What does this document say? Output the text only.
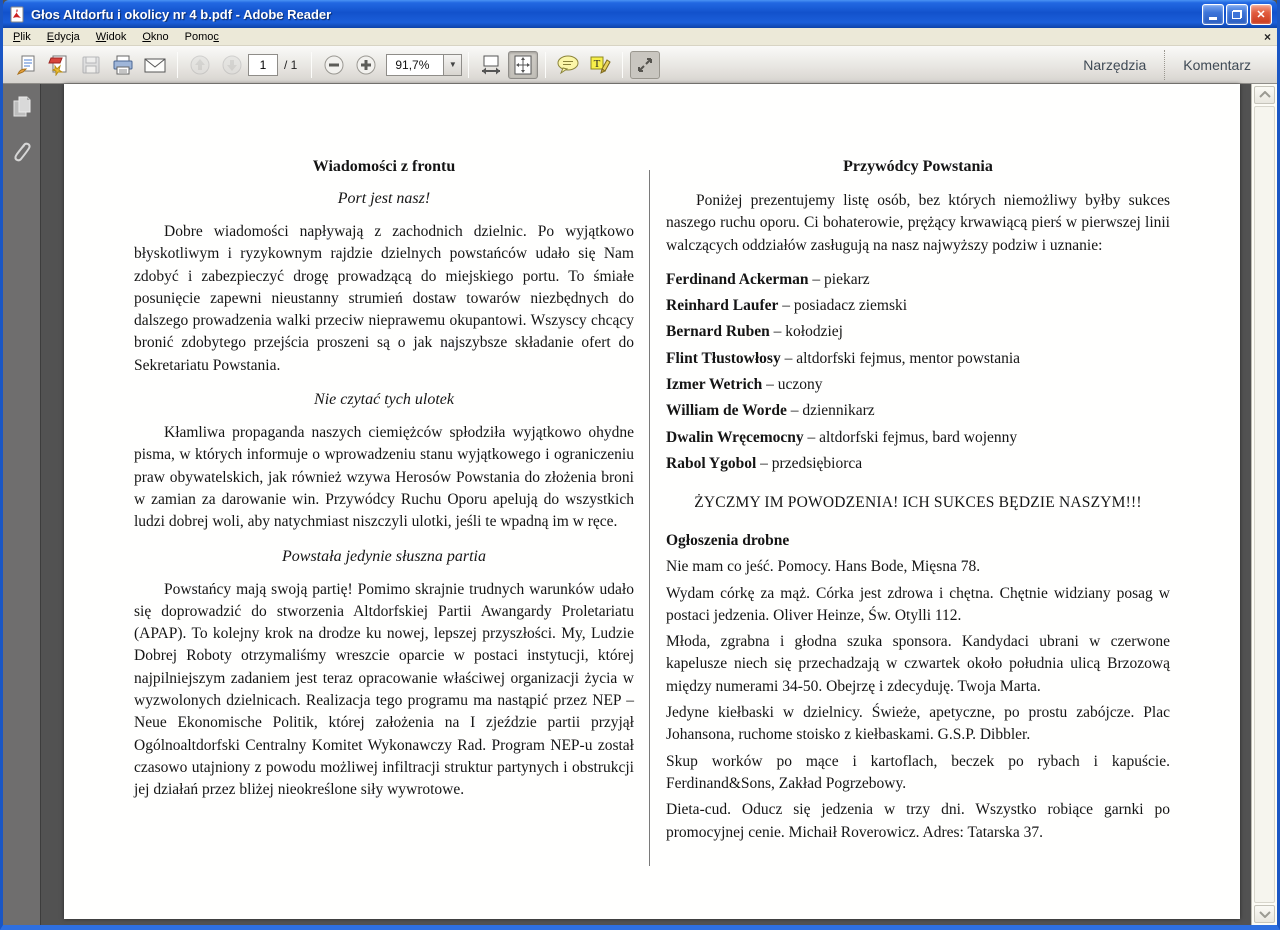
Głos Altdorfu i okolicy nr 4 b.pdf - Adobe Reader	✕
Plik	Edycja	Widok	Okno	Pomoc	×
1
/ 1	91,7%	▼	T	Narzędzia	Komentarz
Wiadomości z frontu
Port jest nasz!
Dobre wiadomości napływają z zachodnich dzielnic. Po wyjątkowo błyskotliwym i ryzykownym rajdzie dzielnych powstańców udało się Nam zdobyć i zabezpieczyć drogę prowadzącą do miejskiego portu. To śmiałe posunięcie zapewni nieustanny strumień dostaw towarów niezbędnych do dalszego prowadzenia walki przeciw nieprawemu okupantowi. Wszyscy chcący bronić zdobytego przejścia proszeni są o jak najszybsze składanie ofert do Sekretariatu Powstania.
Nie czytać tych ulotek
Kłamliwa propaganda naszych ciemiężców spłodziła wyjątkowo ohydne pisma, w których informuje o wprowadzeniu stanu wyjątkowego i ograniczeniu praw obywatelskich, jak również wzywa Herosów Powstania do złożenia broni w zamian za darowanie win. Przywódcy Ruchu Oporu apelują do wszystkich ludzi dobrej woli, aby natychmiast niszczyli ulotki, jeśli te wpadną im w ręce.
Powstała jedynie słuszna partia
Powstańcy mają swoją partię! Pomimo skrajnie trudnych warunków udało się doprowadzić do stworzenia Altdorfskiej Partii Awangardy Proletariatu (APAP). To kolejny krok na drodze ku nowej, lepszej przyszłości. My, Ludzie Dobrej Roboty otrzymaliśmy wreszcie oparcie w postaci instytucji, której najpilniejszym zadaniem jest teraz opracowanie właściwej organizacji życia w wyzwolonych dzielnicach. Realizacja tego programu ma nastąpić przez NEP – Neue Ekonomische Politik, której założenia na I zjeździe partii przyjął Ogólnoaltdorfski Centralny Komitet Wykonawczy Rad. Program NEP-u został czasowo utajniony z powodu możliwej infiltracji struktur partynych i obstrukcji jej działań przez bliżej nieokreślone siły wywrotowe.
Przywódcy Powstania
Poniżej prezentujemy listę osób, bez których niemożliwy byłby sukces naszego ruchu oporu. Ci bohaterowie, prężący krwawiącą pierś w pierwszej linii walczących oddziałów zasługują na nasz najwyższy podziw i uznanie:
Ferdinand Ackerman – piekarz
Reinhard Laufer – posiadacz ziemski
Bernard Ruben – kołodziej
Flint Tłustowłosy – altdorfski fejmus, mentor powstania
Izmer Wetrich – uczony
William de Worde – dziennikarz
Dwalin Wręcemocny – altdorfski fejmus, bard wojenny
Rabol Ygobol – przedsiębiorca
ŻYCZMY IM POWODZENIA! ICH SUKCES BĘDZIE NASZYM!!!
Ogłoszenia drobne
Nie mam co jeść. Pomocy. Hans Bode, Mięsna 78.
Wydam córkę za mąż. Córka jest zdrowa i chętna. Chętnie widziany posag w postaci jedzenia. Oliver Heinze, Św. Otylli 112.
Młoda, zgrabna i głodna szuka sponsora. Kandydaci ubrani w czerwone kapelusze niech się przechadzają w czwartek około południa ulicą Brzozową między numerami 34-50. Obejrzę i zdecyduję. Twoja Marta.
Jedyne kiełbaski w dzielnicy. Świeże, apetyczne, po prostu zabójcze. Plac Johansona, ruchome stoisko z kiełbaskami. G.S.P. Dibbler.
Skup worków po mące i kartoflach, beczek po rybach i kapuście. Ferdinand&Sons, Zakład Pogrzebowy.
Dieta-cud. Oducz się jedzenia w trzy dni. Wszystko robiące garnki po promocyjnej cenie. Michaił Roverowicz. Adres: Tatarska 37.
